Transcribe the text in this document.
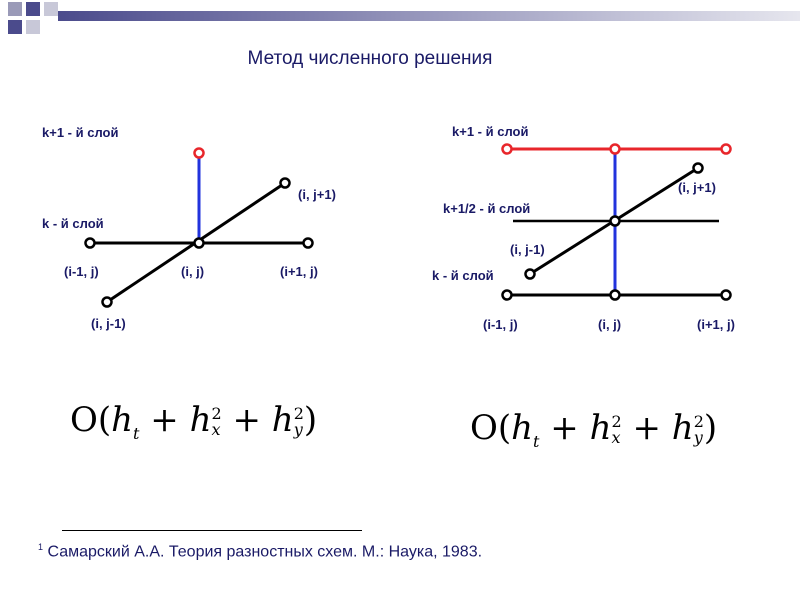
Метод численного решения
k+1 - й слой
k - й слой
(i-1, j)	(i, j)	(i+1, j)
(i, j+1)
(i, j-1)
k+1 - й слой
k+1/2 - й слой
k - й слой
(i, j+1)
(i, j-1)
(i-1, j)	(i, j)	(i+1, j)
$O(h_t + h$ 2
x + h 2
y )	$O(h_t + h$ 2
x + h 2
y )
$^1$ Самарский А.А. Теория разностных схем. М.: Наука, 1983.
